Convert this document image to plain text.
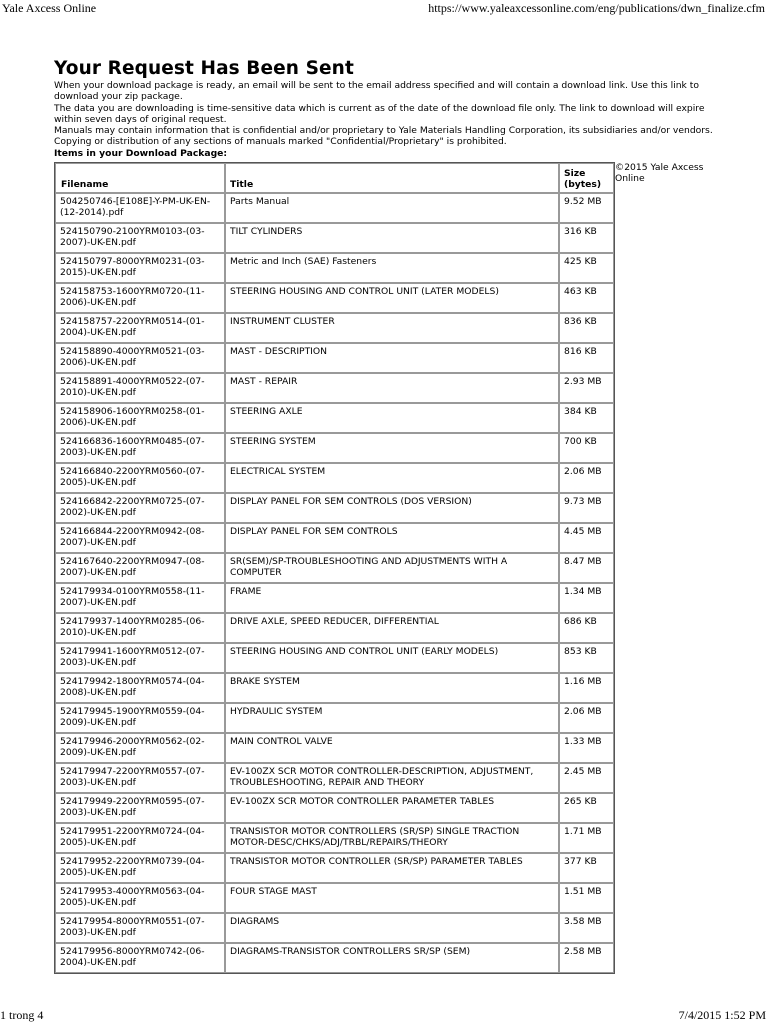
Yale Axcess Online	https://www.yaleaxcessonline.com/eng/publications/dwn_finalize.cfm
Your Request Has Been Sent

When your download package is ready, an email will be sent to the email address specified and will contain a download link. Use this link to download your zip package.

The data you are downloading is time-sensitive data which is current as of the date of the download file only. The link to download will expire within seven days of original request.

Manuals may contain information that is confidential and/or proprietary to Yale Materials Handling Corporation, its subsidiaries and/or vendors. Copying or distribution of any sections of manuals marked "Confidential/Proprietary" is prohibited.

Items in your Download Package:
Filename	Title	Size (bytes)
504250746-[E108E]-Y-PM-UK-EN-(12-2014).pdf	Parts Manual	9.52 MB
524150790-2100YRM0103-(03-2007)-UK-EN.pdf	TILT CYLINDERS	316 KB
524150797-8000YRM0231-(03-2015)-UK-EN.pdf	Metric and Inch (SAE) Fasteners	425 KB
524158753-1600YRM0720-(11-2006)-UK-EN.pdf	STEERING HOUSING AND CONTROL UNIT (LATER MODELS)	463 KB
524158757-2200YRM0514-(01-2004)-UK-EN.pdf	INSTRUMENT CLUSTER	836 KB
524158890-4000YRM0521-(03-2006)-UK-EN.pdf	MAST - DESCRIPTION	816 KB
524158891-4000YRM0522-(07-2010)-UK-EN.pdf	MAST - REPAIR	2.93 MB
524158906-1600YRM0258-(01-2006)-UK-EN.pdf	STEERING AXLE	384 KB
524166836-1600YRM0485-(07-2003)-UK-EN.pdf	STEERING SYSTEM	700 KB
524166840-2200YRM0560-(07-2005)-UK-EN.pdf	ELECTRICAL SYSTEM	2.06 MB
524166842-2200YRM0725-(07-2002)-UK-EN.pdf	DISPLAY PANEL FOR SEM CONTROLS (DOS VERSION)	9.73 MB
524166844-2200YRM0942-(08-2007)-UK-EN.pdf	DISPLAY PANEL FOR SEM CONTROLS	4.45 MB
524167640-2200YRM0947-(08-2007)-UK-EN.pdf	SR(SEM)/SP-TROUBLESHOOTING AND ADJUSTMENTS WITH A COMPUTER	8.47 MB
524179934-0100YRM0558-(11-2007)-UK-EN.pdf	FRAME	1.34 MB
524179937-1400YRM0285-(06-2010)-UK-EN.pdf	DRIVE AXLE, SPEED REDUCER, DIFFERENTIAL	686 KB
524179941-1600YRM0512-(07-2003)-UK-EN.pdf	STEERING HOUSING AND CONTROL UNIT (EARLY MODELS)	853 KB
524179942-1800YRM0574-(04-2008)-UK-EN.pdf	BRAKE SYSTEM	1.16 MB
524179945-1900YRM0559-(04-2009)-UK-EN.pdf	HYDRAULIC SYSTEM	2.06 MB
524179946-2000YRM0562-(02-2009)-UK-EN.pdf	MAIN CONTROL VALVE	1.33 MB
524179947-2200YRM0557-(07-2003)-UK-EN.pdf	EV-100ZX SCR MOTOR CONTROLLER-DESCRIPTION, ADJUSTMENT, TROUBLESHOOTING, REPAIR AND THEORY	2.45 MB
524179949-2200YRM0595-(07-2003)-UK-EN.pdf	EV-100ZX SCR MOTOR CONTROLLER PARAMETER TABLES	265 KB
524179951-2200YRM0724-(04-2005)-UK-EN.pdf	TRANSISTOR MOTOR CONTROLLERS (SR/SP) SINGLE TRACTION MOTOR-DESC/CHKS/ADJ/TRBL/REPAIRS/THEORY	1.71 MB
524179952-2200YRM0739-(04-2005)-UK-EN.pdf	TRANSISTOR MOTOR CONTROLLER (SR/SP) PARAMETER TABLES	377 KB
524179953-4000YRM0563-(04-2005)-UK-EN.pdf	FOUR STAGE MAST	1.51 MB
524179954-8000YRM0551-(07-2003)-UK-EN.pdf	DIAGRAMS	3.58 MB
524179956-8000YRM0742-(06-2004)-UK-EN.pdf	DIAGRAMS-TRANSISTOR CONTROLLERS SR/SP (SEM)	2.58 MB
©2015 Yale Axcess Online
1 trong 4	7/4/2015 1:52 PM
